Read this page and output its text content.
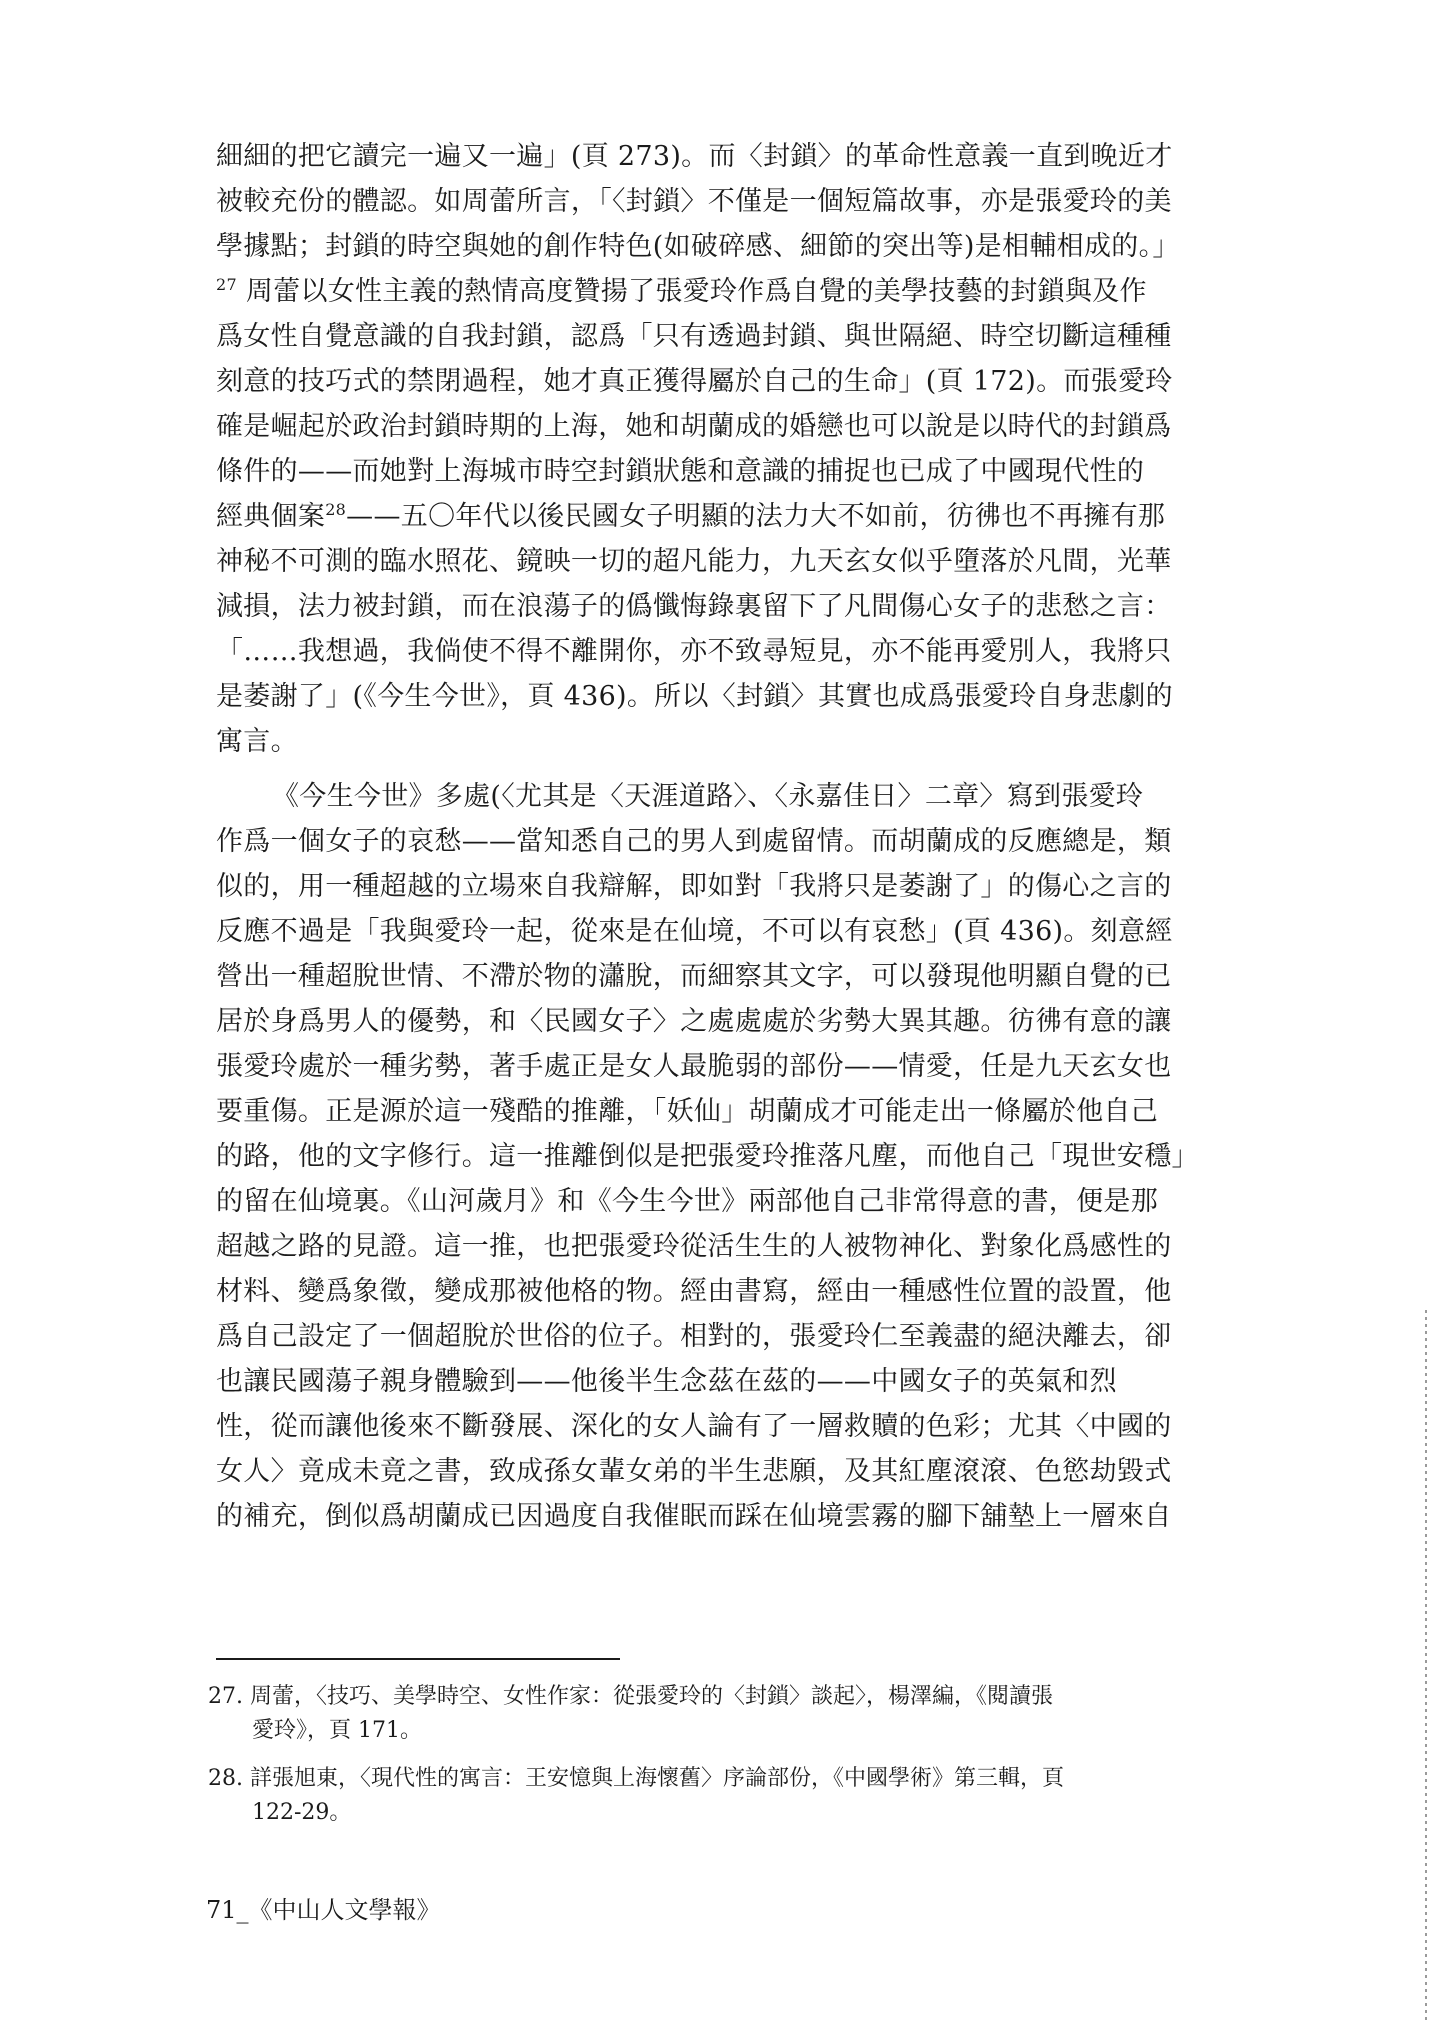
細細的把它讀完一遍又一遍」(頁 273)。而〈封鎖〉的革命性意義一直到晚近才
被較充份的體認。如周蕾所言，「〈封鎖〉不僅是一個短篇故事，亦是張愛玲的美
學據點；封鎖的時空與她的創作特色(如破碎感、細節的突出等)是相輔相成的。」
$^{27}$ 周蕾以女性主義的熱情高度贊揚了張愛玲作爲自覺的美學技藝的封鎖與及作
爲女性自覺意識的自我封鎖，認爲「只有透過封鎖、與世隔絕、時空切斷這種種
刻意的技巧式的禁閉過程，她才真正獲得屬於自己的生命」(頁 172)。而張愛玲
確是崛起於政治封鎖時期的上海，她和胡蘭成的婚戀也可以說是以時代的封鎖爲
條件的——而她對上海城市時空封鎖狀態和意識的捕捉也已成了中國現代性的
經典個案$^{28}$——五〇年代以後民國女子明顯的法力大不如前，彷彿也不再擁有那
神秘不可測的臨水照花、鏡映一切的超凡能力，九天玄女似乎墮落於凡間，光華
減損，法力被封鎖，而在浪蕩子的僞懺悔錄裏留下了凡間傷心女子的悲愁之言：
「……我想過，我倘使不得不離開你，亦不致尋短見，亦不能再愛別人，我將只
是萎謝了」(《今生今世》，頁 436)。所以〈封鎖〉其實也成爲張愛玲自身悲劇的
寓言。
《今生今世》多處(〈尤其是〈天涯道路〉、〈永嘉佳日〉二章〉寫到張愛玲
作爲一個女子的哀愁——當知悉自己的男人到處留情。而胡蘭成的反應總是，類
似的，用一種超越的立場來自我辯解，即如對「我將只是萎謝了」的傷心之言的
反應不過是「我與愛玲一起，從來是在仙境，不可以有哀愁」(頁 436)。刻意經
營出一種超脫世情、不滯於物的瀟脫，而細察其文字，可以發現他明顯自覺的已
居於身爲男人的優勢，和〈民國女子〉之處處處於劣勢大異其趣。彷彿有意的讓
張愛玲處於一種劣勢，著手處正是女人最脆弱的部份——情愛，任是九天玄女也
要重傷。正是源於這一殘酷的推離，「妖仙」胡蘭成才可能走出一條屬於他自己
的路，他的文字修行。這一推離倒似是把張愛玲推落凡塵，而他自己「現世安穩」
的留在仙境裏。《山河歲月》和《今生今世》兩部他自己非常得意的書，便是那
超越之路的見證。這一推，也把張愛玲從活生生的人被物神化、對象化爲感性的
材料、變爲象徵，變成那被他格的物。經由書寫，經由一種感性位置的設置，他
爲自己設定了一個超脫於世俗的位子。相對的，張愛玲仁至義盡的絕決離去，卻
也讓民國蕩子親身體驗到——他後半生念茲在茲的——中國女子的英氣和烈
性，從而讓他後來不斷發展、深化的女人論有了一層救贖的色彩；尤其〈中國的
女人〉竟成未竟之書，致成孫女輩女弟的半生悲願，及其紅塵滾滾、色慾劫毀式
的補充，倒似爲胡蘭成已因過度自我催眠而踩在仙境雲霧的腳下舖墊上一層來自
27. 周蕾，〈技巧、美學時空、女性作家：從張愛玲的〈封鎖〉談起〉，楊澤編，《閱讀張
愛玲》，頁 171。
28. 詳張旭東，〈現代性的寓言：王安憶與上海懷舊〉序論部份，《中國學術》第三輯，頁
122-29。
71_《中山人文學報》
